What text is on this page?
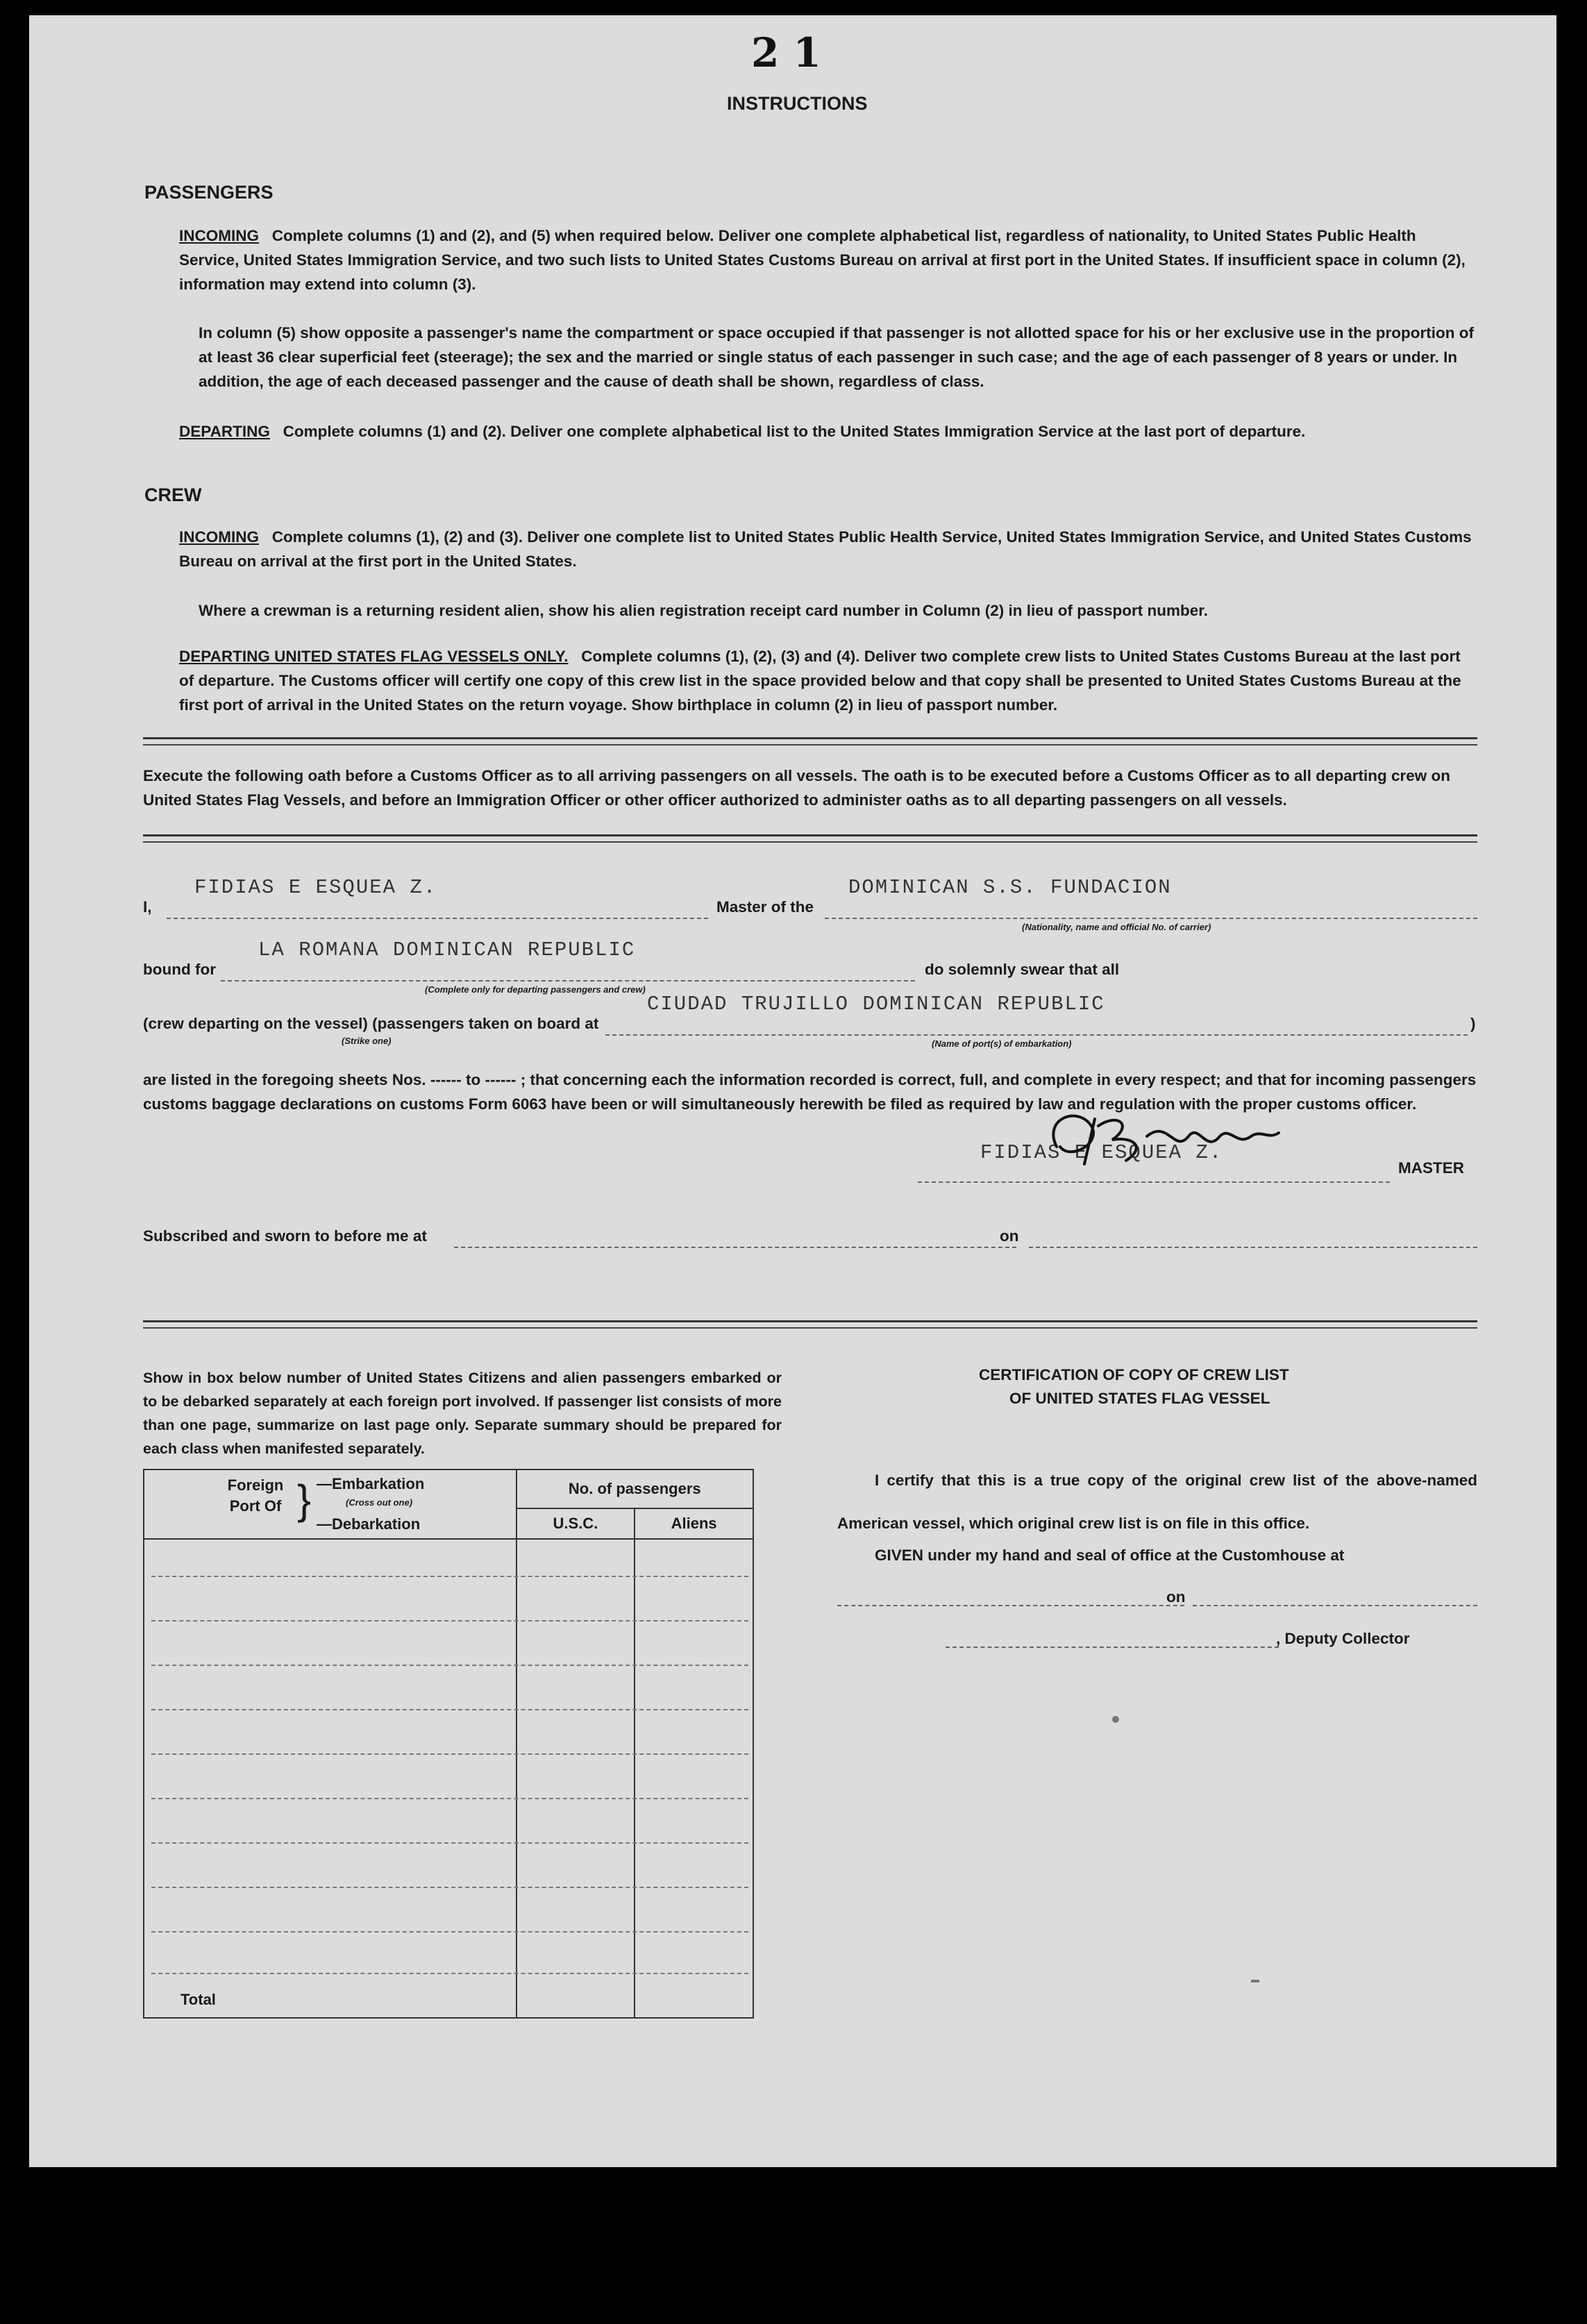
2 1
INSTRUCTIONS
PASSENGERS
INCOMING Complete columns (1) and (2), and (5) when required below. Deliver one complete alphabetical list, regardless of nationality, to United States Public Health Service, United States Immigration Service, and two such lists to United States Customs Bureau on arrival at first port in the United States. If insufficient space in column (2), information may extend into column (3).
In column (5) show opposite a passenger's name the compartment or space occupied if that passenger is not allotted space for his or her exclusive use in the proportion of at least 36 clear superficial feet (steerage); the sex and the married or single status of each passenger in such case; and the age of each passenger of 8 years or under. In addition, the age of each deceased passenger and the cause of death shall be shown, regardless of class.
DEPARTING Complete columns (1) and (2). Deliver one complete alphabetical list to the United States Immigration Service at the last port of departure.
CREW
INCOMING Complete columns (1), (2) and (3). Deliver one complete list to United States Public Health Service, United States Immigration Service, and United States Customs Bureau on arrival at the first port in the United States.
Where a crewman is a returning resident alien, show his alien registration receipt card number in Column (2) in lieu of passport number.
DEPARTING UNITED STATES FLAG VESSELS ONLY. Complete columns (1), (2), (3) and (4). Deliver two complete crew lists to United States Customs Bureau at the last port of departure. The Customs officer will certify one copy of this crew list in the space provided below and that copy shall be presented to United States Customs Bureau at the first port of arrival in the United States on the return voyage. Show birthplace in column (2) in lieu of passport number.
Execute the following oath before a Customs Officer as to all arriving passengers on all vessels. The oath is to be executed before a Customs Officer as to all departing crew on United States Flag Vessels, and before an Immigration Officer or other officer authorized to administer oaths as to all departing passengers on all vessels.
I,
FIDIAS E ESQUEA Z.
Master of the
DOMINICAN S.S. FUNDACION
(Nationality, name and official No. of carrier)
bound for
LA ROMANA DOMINICAN REPUBLIC
(Complete only for departing passengers and crew)
do solemnly swear that all
(crew departing on the vessel) (passengers taken on board at
(Strike one)
CIUDAD TRUJILLO DOMINICAN REPUBLIC
(Name of port(s) of embarkation)
)
are listed in the foregoing sheets Nos. ------ to ------ ; that concerning each the information recorded is correct, full, and complete in every respect; and that for incoming passengers customs baggage declarations on customs Form 6063 have been or will simultaneously herewith be filed as required by law and regulation with the proper customs officer.
FIDIAS E ESQUEA Z.
MASTER
Subscribed and sworn to before me at	on
Show in box below number of United States Citizens and alien passengers embarked or to be debarked separately at each foreign port involved. If passenger list consists of more than one page, summarize on last page only. Separate summary should be prepared for each class when manifested separately.
Foreign Port Of } —Embarkation
(Cross out one)
—Debarkation	No. of passengers	
	U.S.C.	Aliens
Total		
CERTIFICATION OF COPY OF CREW LIST
OF UNITED STATES FLAG VESSEL
I certify that this is a true copy of the original crew list of the above-named American vessel, which original crew list is on file in this office.
GIVEN under my hand and seal of office at the Customhouse at
on
, Deputy Collector
